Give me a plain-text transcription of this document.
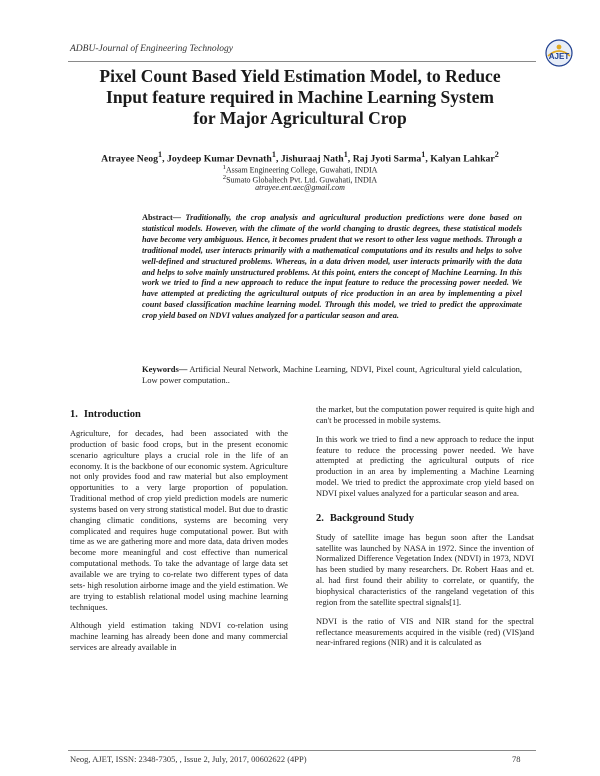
ADBU-Journal of Engineering Technology
AJET
Pixel Count Based Yield Estimation Model, to Reduce
Input feature required in Machine Learning System
for Major Agricultural Crop
Atrayee Neog$^1$, Joydeep Kumar Devnath$^1$, Jishuraaj Nath$^1$, Raj Jyoti Sarma$^1$, Kalyan Lahkar$^2$
$^1$Assam Engineering College, Guwahati, INDIA
$^2$Sumato Globaltech Pvt. Ltd. Guwahati, INDIA
atrayee.ent.aec@gmail.com

Abstract— Traditionally, the crop analysis and agricultural production predictions were done based on statistical models. However, with the climate of the world changing to drastic degrees, these statistical models have become very ambiguous. Hence, it becomes prudent that we resort to other less vague methods. Through a traditional model, user interacts primarily with a mathematical computations and its results and helps to solve well-defined and structured problems. Whereas, in a data driven model, user interacts primarily with the data and helps to solve mainly unstructured problems. At this point, enters the concept of Machine Learning. In this work we tried to find a new approach to reduce the input feature to reduce the processing power needed. We have attempted at predicting the agricultural outputs of rice production in an area by implementing a pixel count based classification machine learning model. Through this model, we tried to predict the approximate crop yield based on NDVI values analyzed for a particular season and area.

Keywords— Artificial Neural Network, Machine Learning, NDVI, Pixel count, Agricultural yield calculation, Low power computation..

1. Introduction

Agriculture, for decades, had been associated with the production of basic food crops, but in the present economic scenario agriculture plays a crucial role in the life of an economy. It is the backbone of our economic system. Agriculture not only provides food and raw material but also employment opportunities to a very large proportion of population. Traditional method of crop yield prediction models are numeric systems based on very strong statistical model. But due to drastic changing climatic conditions, systems are becoming very complicated and requires huge computational power. But with time as we are gathering more and more data, data driven modes become more meaningful and cost effective than numerical computational methods. To take the advantage of large data set available we are trying to co-relate two different types of data sets- high resolution airborne image and the yield estimation. We are trying to establish relational model using machine learning techniques.

Although yield estimation taking NDVI co-relation using machine learning has already been done and many commercial services are already available in

the market, but the computation power required is quite high and can't be processed in mobile systems.

In this work we tried to find a new approach to reduce the input feature to reduce the processing power needed. We have attempted at predicting the agricultural outputs of rice production in an area by implementing a Machine Learning model. We tried to predict the approximate crop yield based on NDVI pixel values analyzed for a particular season and area.

2. Background Study

Study of satellite image has begun soon after the Landsat satellite was launched by NASA in 1972. Since the invention of Normalized Difference Vegetation Index (NDVI) in 1973, NDVI has been studied by many researchers. Dr. Robert Haas and et. al. had first found their ability to correlate, or quantify, the biophysical characteristics of the rangeland vegetation of this region from the satellite spectral signals[1].

NDVI is the ratio of VIS and NIR stand for the spectral reflectance measurements acquired in the visible (red) (VIS)and near-infrared regions (NIR) and it is calculated as

Neog, AJET, ISSN: 2348-7305, , Issue 2, July, 2017, 00602622 (4PP)	78
